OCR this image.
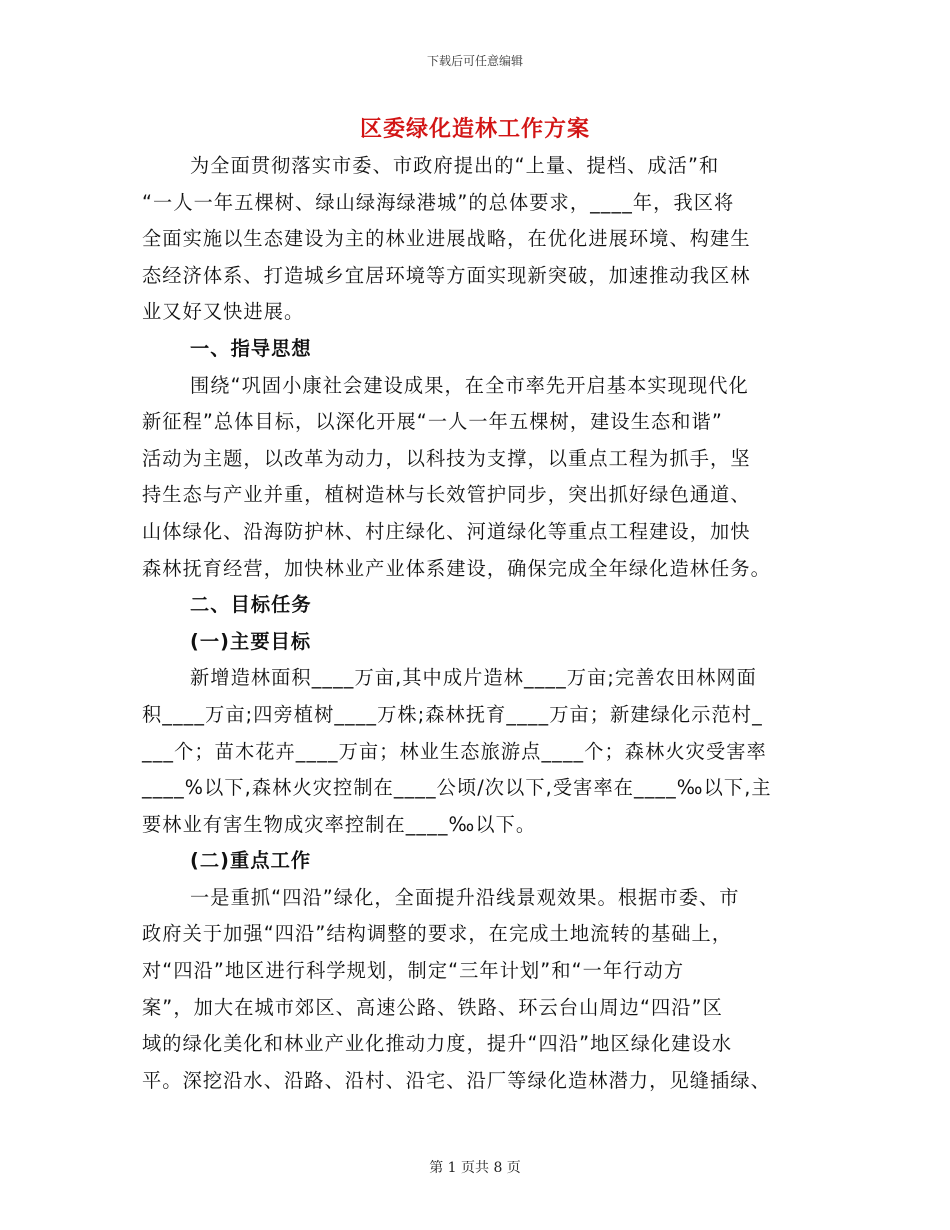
下载后可任意编辑
区委绿化造林工作方案
为全面贯彻落实市委、市政府提出的“上量、提档、成活”和
“一人一年五棵树、绿山绿海绿港城”的总体要求，____年，我区将
全面实施以生态建设为主的林业进展战略，在优化进展环境、构建生
态经济体系、打造城乡宜居环境等方面实现新突破，加速推动我区林
业又好又快进展。
一、指导思想
围绕“巩固小康社会建设成果，在全市率先开启基本实现现代化
新征程”总体目标，以深化开展“一人一年五棵树，建设生态和谐”
活动为主题，以改革为动力，以科技为支撑，以重点工程为抓手，坚
持生态与产业并重，植树造林与长效管护同步，突出抓好绿色通道、
山体绿化、沿海防护林、村庄绿化、河道绿化等重点工程建设，加快
森林抚育经营，加快林业产业体系建设，确保完成全年绿化造林任务。
二、目标任务
(一)主要目标
新增造林面积____万亩,其中成片造林____万亩;完善农田林网面
积____万亩;四旁植树____万株;森林抚育____万亩；新建绿化示范村_
___个；苗木花卉____万亩；林业生态旅游点____个；森林火灾受害率
____%以下,森林火灾控制在____公顷/次以下,受害率在____‰以下,主
要林业有害生物成灾率控制在____‰以下。
(二)重点工作
一是重抓“四沿”绿化，全面提升沿线景观效果。根据市委、市
政府关于加强“四沿”结构调整的要求，在完成土地流转的基础上，
对“四沿”地区进行科学规划，制定“三年计划”和“一年行动方
案”，加大在城市郊区、高速公路、铁路、环云台山周边“四沿”区
域的绿化美化和林业产业化推动力度，提升“四沿”地区绿化建设水
平。深挖沿水、沿路、沿村、沿宅、沿厂等绿化造林潜力，见缝插绿、
第 1 页共 8 页
